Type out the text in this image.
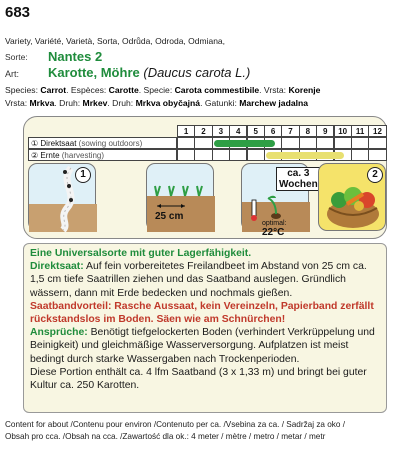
683
Variety, Variété, Varietà, Sorta, Odrůda, Odroda, Odmiana,
Sorte: Nantes 2
Art: Karotte, Möhre (Daucus carota L.)
Species: Carrot. Espèces: Carotte. Specie: Carota commestibile. Vrsta: Korenje
Vrsta: Mrkva. Druh: Mrkev. Druh: Mrkva obyčajná. Gatunki: Marchew jadalna
1	2	3	4	5	6	7	8	9	10	11	12
① Direktsaat (sowing outdoors)
② Ernte (harvesting)
1
25 cm
ca. 3
Wochen
optimal: 22°C
2
Eine Universalsorte mit guter Lagerfähigkeit.
Direktsaat: Auf fein vorbereitetes Freilandbeet im Abstand von 25 cm ca. 1,5 cm tiefe Saatrillen ziehen und das Saatband auslegen. Gründlich wässern, dann mit Erde bedecken und nochmals gießen.
Saatbandvorteil: Rasche Aussaat, kein Vereinzeln, Papierband zerfällt rückstandslos im Boden. Säen wie am Schnürchen!
Ansprüche: Benötigt tiefgelockerten Boden (verhindert Verkrüppelung und Beinigkeit) und gleichmäßige Wasserversorgung. Aufplatzen ist meist bedingt durch starke Wassergaben nach Trockenperioden.
Diese Portion enthält ca. 4 lfm Saatband (3 x 1,33 m) und bringt bei guter Kultur ca. 250 Karotten.
Content for about /Contenu pour environ /Contenuto per ca. /Vsebina za ca. / Sadržaj za oko /
Obsah pro cca. /Obsah na cca. /Zawartość dla ok.: 4 meter / mètre / metro / metar / metr
